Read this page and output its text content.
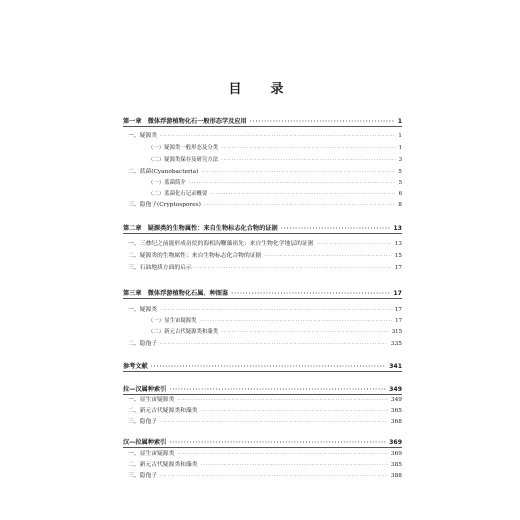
目　录
第一章　微体浮游植物化石一般形态学及应用 ·····	1
一、疑源类 ·····	1
（一）疑源类一般形态及分类 ·····	1
（二）疑源类保存及研究方法 ·····	3
二、蓝菌(Cyanobacteria) ·····	5
（一）蓝菌简介 ·····	5
（二）蓝菌化石记录概要 ·····	6
三、隐孢子(Cryptospores) ·····	8
第二章　疑源类的生物属性：来自生物标志化合物的证据 ·····	13
一、三叠纪之前能形成甾烷的海相沟鞭藻祖先：来自生物化学地层的证据 ·····	13
二、疑源类的生物属性：来自生物标志化合物的证据 ·····	15
三、石油地质方面的启示 ·····	17
第三章　微体浮游植物化石属、种图鉴 ·····	17
一、疑源类 ·····	17
（一）显生宙疑源类 ·····	17
（二）新元古代疑源类和藻类 ·····	315
二、隐孢子 ·····	335
参考文献 ·····	341
拉—汉属种索引 ·····	349
一、显生宙疑源类 ·····	349
二、新元古代疑源类和藻类 ·····	365
三、隐孢子 ·····	368
汉—拉属种索引 ·····	369
一、显生宙疑源类 ·····	369
二、新元古代疑源类和藻类 ·····	385
三、隐孢子 ·····	388
